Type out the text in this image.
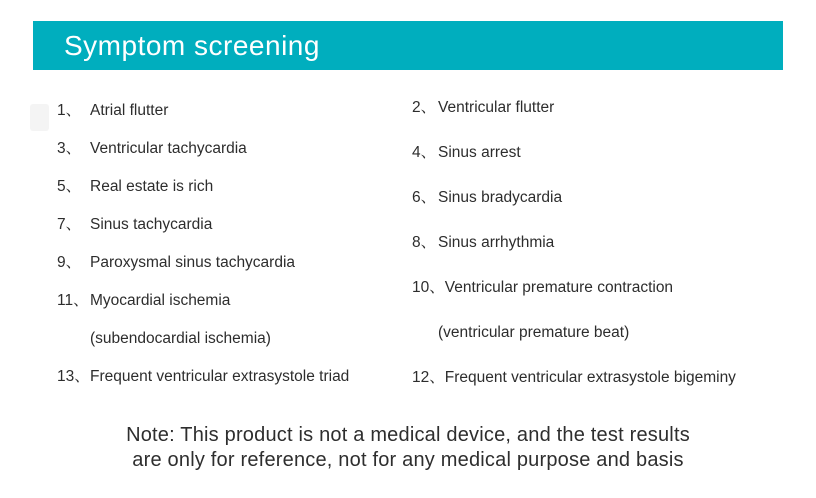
Symptom screening
1、 Atrial flutter
3、 Ventricular tachycardia
5、 Real estate is rich
7、 Sinus tachycardia
9、 Paroxysmal sinus tachycardia
11、Myocardial ischemia
(subendocardial ischemia)
13、Frequent ventricular extrasystole triad
2、 Ventricular flutter
4、 Sinus arrest
6、 Sinus bradycardia
8、 Sinus arrhythmia
10、Ventricular premature contraction
(ventricular premature beat)
12、Frequent ventricular extrasystole bigeminy
Note: This product is not a medical device, and the test results
are only for reference, not for any medical purpose and basis
